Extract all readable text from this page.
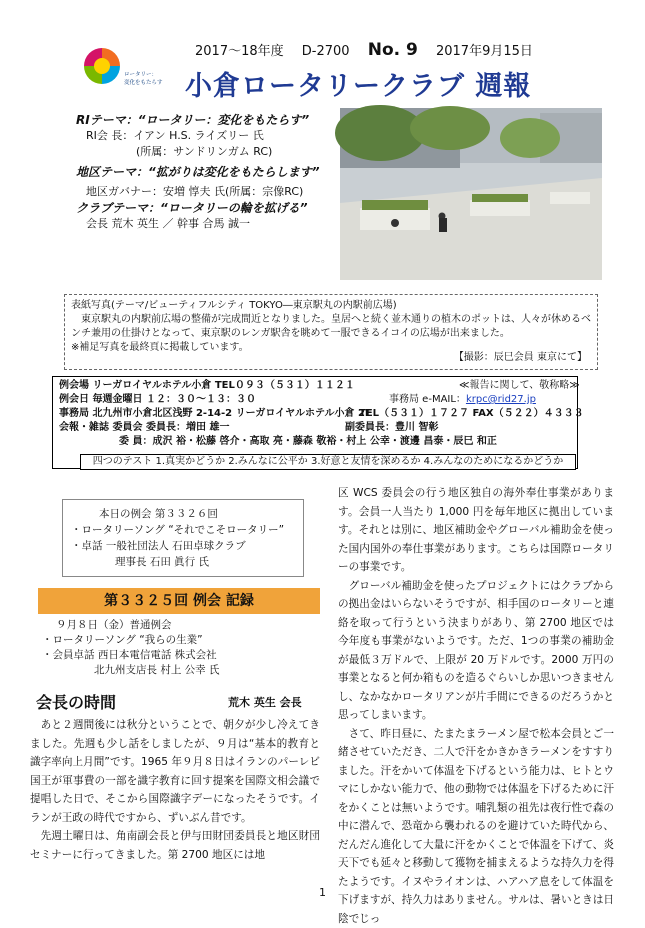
ロータリー：
変化をもたらす
2017～18年度 D-2700 No. 9 2017年9月15日
小倉ロータリークラブ 週報

RⅠテーマ：“ロータリー：変化をもたらす”

RⅠ会 長：イアン H.S. ライズリー 氏

(所属：サンドリンガム RC)

地区テーマ：“拡がりは変化をもたらします”

地区ガバナー：安増 惇夫 氏(所属：宗像RC)

クラブテーマ：“ロータリーの輪を拡げる”

会長 荒木 英生 ／ 幹事 合馬 誠一

表紙写真(テーマ/ビューティフルシティ TOKYO―東京駅丸の内駅前広場)

東京駅丸の内駅前広場の整備が完成間近となりました。皇居へと続く並木通りの植木のポットは、人々が休めるベンチ兼用の仕掛けとなって、東京駅のレンガ駅舎を眺めて一服できるイコイの広場が出来ました。

※補足写真を最終頁に掲載しています。

【撮影：辰巳会員 東京にて】
例会場 リーガロイヤルホテル小倉 TEL０９３（５３１）１１２１	≪報告に関して、敬称略≫
例会日 毎週金曜日 １２：３０～１３：３０	事務局 e-MAIL：krpc@rid27.jp
事務局 北九州市小倉北区浅野 2-14-2 リーガロイヤルホテル小倉 2F
TEL（５３１）１７２７ FAX（５２２）４３３３
会報・雑誌 委員会 委員長：増田 雄一	副委員長：豊川 智彰
委 員：成沢 裕・松藤 啓介・高取 亮・藤森 敬裕・村上 公幸・渡邊 昌泰・辰巳 和正
四つのテスト 1.真実かどうか 2.みんなに公平か 3.好意と友情を深めるか 4.みんなのためになるかどうか

本日の例会 第３３２６回

・ロータリーソング “それでこそロータリー”

・卓話 一般社団法人 石田卓球クラブ

理事長 石田 眞行 氏

第３３２５回 例会 記録

９月８日（金）普通例会

・ロータリーソング “我らの生業”

・会員卓話 西日本電信電話 株式会社

北九州支店長 村上 公幸 氏

会長の時間	荒木 英生 会長

あと２週間後には秋分ということで、朝夕が少し冷えてきました。先週も少し話をしましたが、９月は“基本的教育と識字率向上月間”です。1965 年９月８日はイランのパーレビ国王が軍事費の一部を識字教育に回す提案を国際文相会議で提唱した日で、そこから国際識字デーになったそうです。イランが王政の時代ですから、ずいぶん昔です。

先週土曜日は、角南副会長と伊与田財団委員長と地区財団セミナーに行ってきました。第 2700 地区には地

区 WCS 委員会の行う地区独自の海外奉仕事業があります。会員一人当たり 1,000 円を毎年地区に拠出しています。それとは別に、地区補助金やグローバル補助金を使った国内国外の奉仕事業があります。こちらは国際ロータリーの事業です。

グローバル補助金を使ったプロジェクトにはクラブからの拠出金はいらないそうですが、相手国のロータリーと連絡を取って行うという決まりがあり、第 2700 地区では今年度も事業がないようです。ただ、1つの事業の補助金が最低３万ドルで、上限が 20 万ドルです。2000 万円の事業となると何か箱ものを造るぐらいしか思いつきませんし、なかなかロータリアンが片手間にできるのだろうかと思ってしまいます。

さて、昨日昼に、たまたまラーメン屋で松本会員とご一緒させていただき、二人で汗をかきかきラーメンをすすりました。汗をかいて体温を下げるという能力は、ヒトとウマにしかない能力で、他の動物では体温を下げるために汗をかくことは無いようです。哺乳類の祖先は夜行性で森の中に潜んで、恐竜から襲われるのを避けていた時代から、だんだん進化して大量に汗をかくことで体温を下げて、炎天下でも延々と移動して獲物を捕まえるような持久力を得たようです。イヌやライオンは、ハアハア息をして体温を下げますが、持久力はありません。サルは、暑いときは日陰でじっ

1
